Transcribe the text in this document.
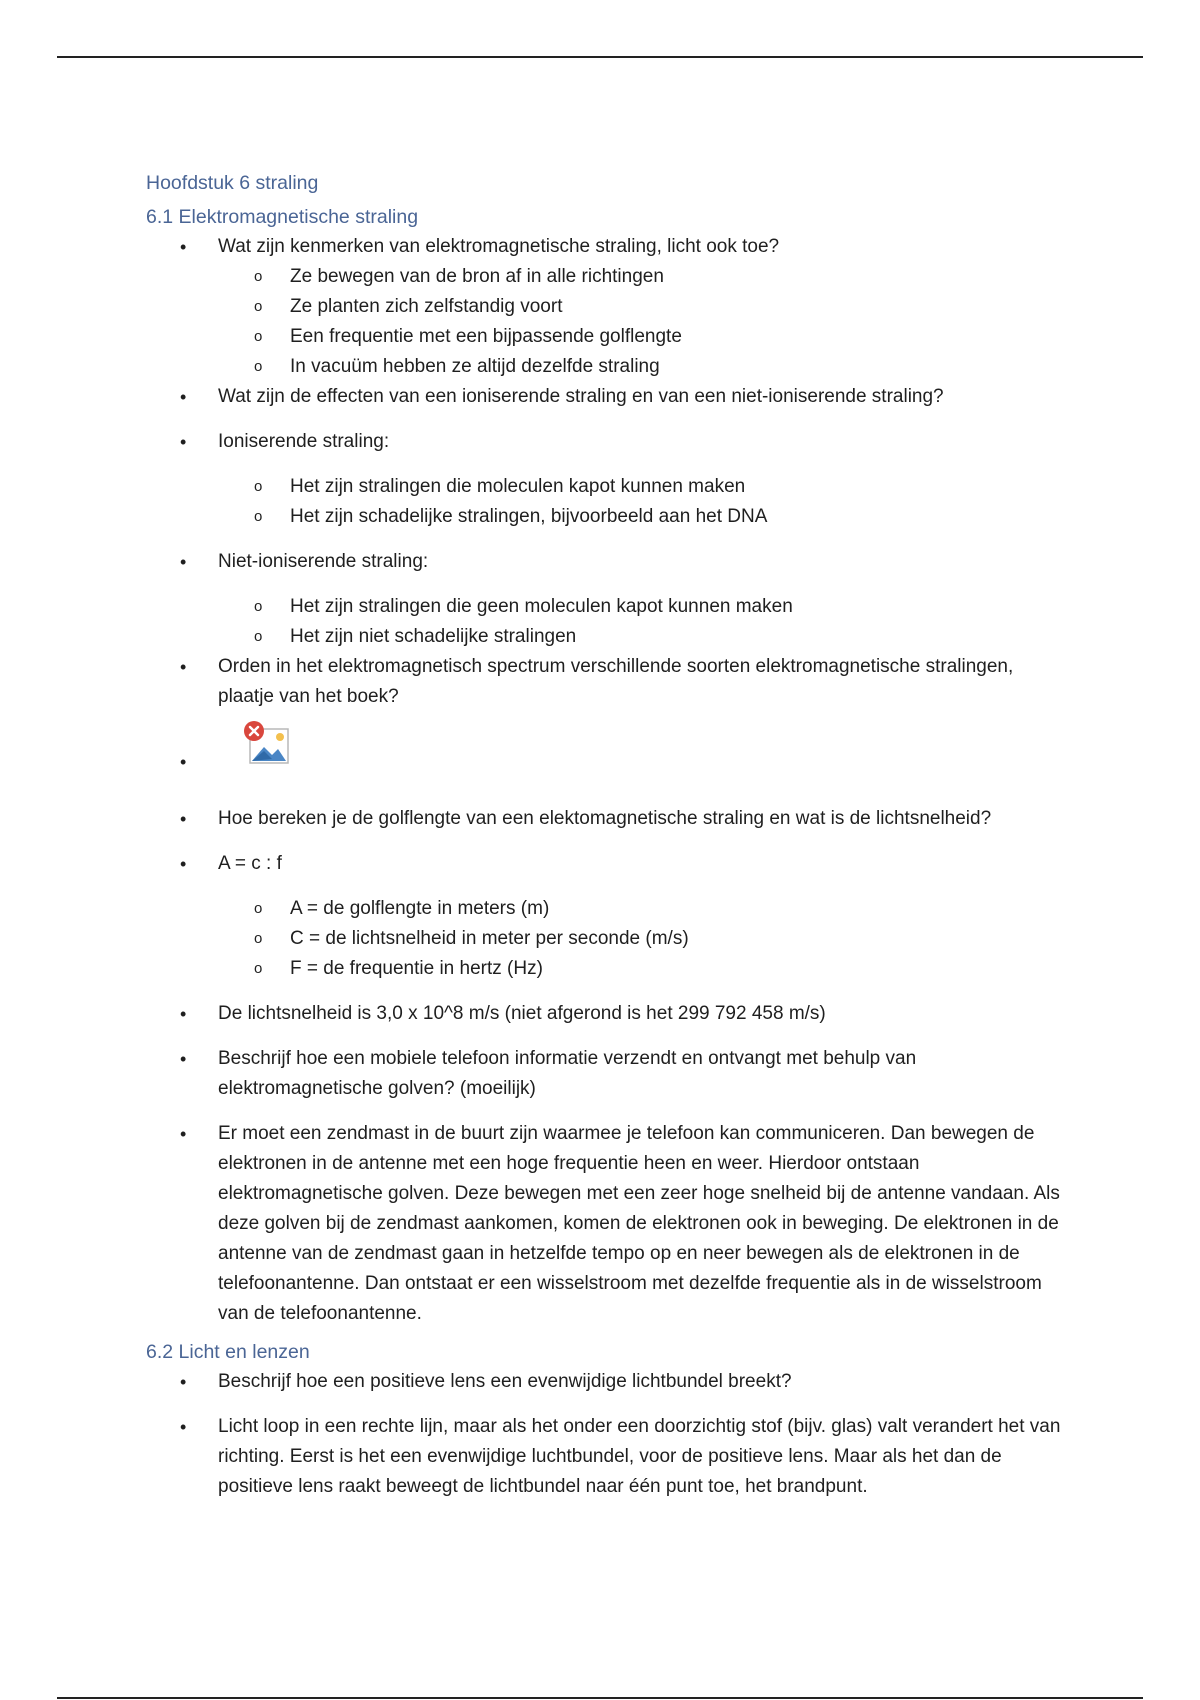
Hoofdstuk 6 straling
6.1 Elektromagnetische straling
• Wat zijn kenmerken van elektromagnetische straling, licht ook toe?
o Ze bewegen van de bron af in alle richtingen
o Ze planten zich zelfstandig voort
o Een frequentie met een bijpassende golflengte
o In vacuüm hebben ze altijd dezelfde straling
• Wat zijn de effecten van een ioniserende straling en van een niet-ioniserende straling?
• Ioniserende straling:
o Het zijn stralingen die moleculen kapot kunnen maken
o Het zijn schadelijke stralingen, bijvoorbeeld aan het DNA
• Niet-ioniserende straling:
o Het zijn stralingen die geen moleculen kapot kunnen maken
o Het zijn niet schadelijke stralingen
• Orden in het elektromagnetisch spectrum verschillende soorten elektromagnetische stralingen, plaatje van het boek?
•
• Hoe bereken je de golflengte van een elektomagnetische straling en wat is de lichtsnelheid?
• A = c : f
o A = de golflengte in meters (m)
o C = de lichtsnelheid in meter per seconde (m/s)
o F = de frequentie in hertz (Hz)
• De lichtsnelheid is 3,0 x 10^8 m/s (niet afgerond is het 299 792 458 m/s)
• Beschrijf hoe een mobiele telefoon informatie verzendt en ontvangt met behulp van elektromagnetische golven? (moeilijk)
• Er moet een zendmast in de buurt zijn waarmee je telefoon kan communiceren. Dan bewegen de elektronen in de antenne met een hoge frequentie heen en weer. Hierdoor ontstaan elektromagnetische golven. Deze bewegen met een zeer hoge snelheid bij de antenne vandaan. Als deze golven bij de zendmast aankomen, komen de elektronen ook in beweging. De elektronen in de antenne van de zendmast gaan in hetzelfde tempo op en neer bewegen als de elektronen in de telefoonantenne. Dan ontstaat er een wisselstroom met dezelfde frequentie als in de wisselstroom van de telefoonantenne.
6.2 Licht en lenzen
• Beschrijf hoe een positieve lens een evenwijdige lichtbundel breekt?
• Licht loop in een rechte lijn, maar als het onder een doorzichtig stof (bijv. glas) valt verandert het van richting. Eerst is het een evenwijdige luchtbundel, voor de positieve lens. Maar als het dan de positieve lens raakt beweegt de lichtbundel naar één punt toe, het brandpunt.
